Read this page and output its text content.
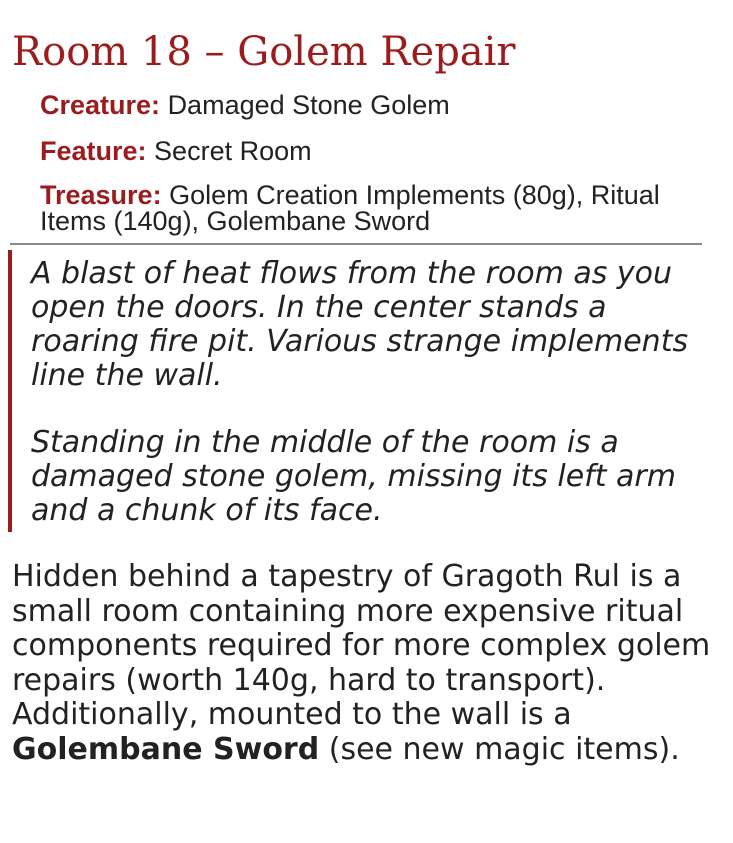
Room 18 – Golem Repair

Creature: Damaged Stone Golem

Feature: Secret Room

Treasure: Golem Creation Implements (80g), Ritual Items (140g), Golembane Sword

A blast of heat flows from the room as you open the doors. In the center stands a roaring fire pit. Various strange implements line the wall.

Standing in the middle of the room is a damaged stone golem, missing its left arm and a chunk of its face.

Hidden behind a tapestry of Gragoth Rul is a small room containing more expensive ritual components required for more complex golem repairs (worth 140g, hard to transport). Additionally, mounted to the wall is a Golembane Sword (see new magic items).
